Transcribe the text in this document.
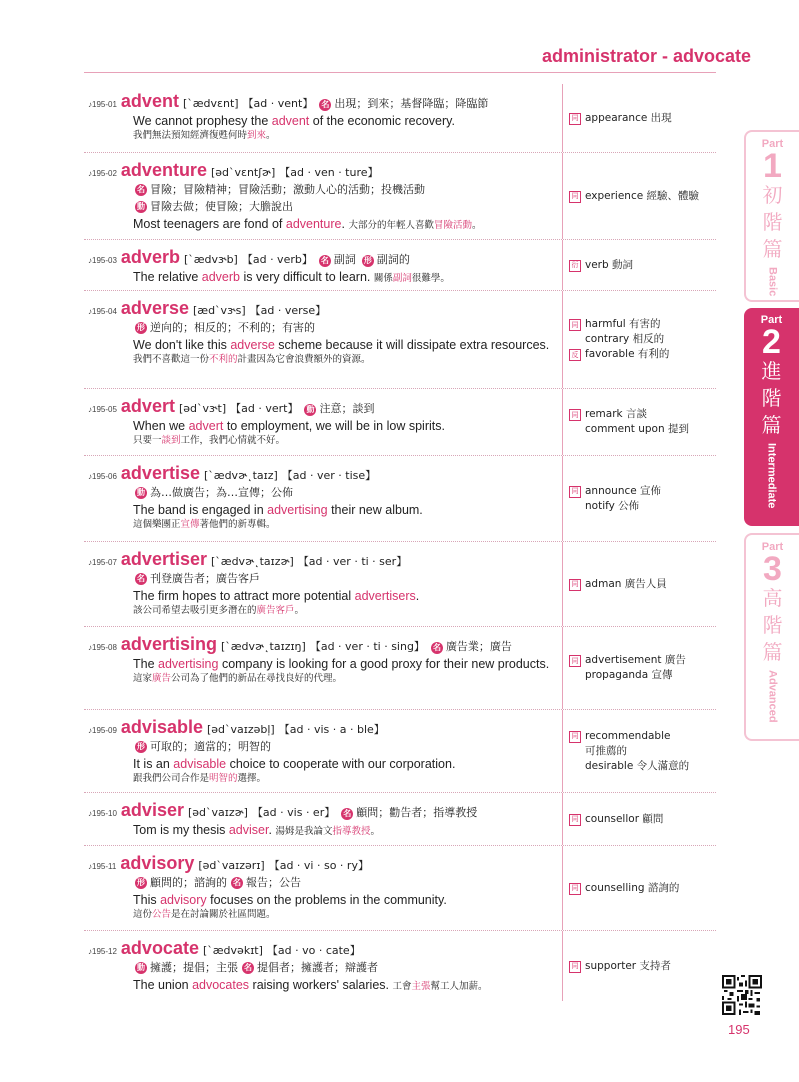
administrator - advocate
♪195-01 advent [ˋædvɛnt] 【ad · vent】 名 出現；到來；基督降臨；降臨節
We cannot prophesy the advent of the economic recovery.
我們無法預知經濟復甦何時到來。
同 appearance 出現
♪195-02 adventure [ədˋvɛntʃɚ] 【ad · ven · ture】
名 冒險；冒險精神；冒險活動；激動人心的活動；投機活動
動 冒險去做；使冒險；大膽說出
Most teenagers are fond of adventure. 大部分的年輕人喜歡冒險活動。
同 experience 經驗、體驗
♪195-03 adverb [ˋædvɝb] 【ad · verb】 名 副詞 形 副詞的
The relative adverb is very difficult to learn. 關係副詞很難學。
衍 verb 動詞
♪195-04 adverse [ædˋvɝs] 【ad · verse】
形 逆向的；相反的；不利的；有害的
We don't like this adverse scheme because it will dissipate extra resources.
我們不喜歡這一份不利的計畫因為它會浪費額外的資源。
同 harmful 有害的
contrary 相反的
反 favorable 有利的
♪195-05 advert [ədˋvɝt] 【ad · vert】 動 注意；談到
When we advert to employment, we will be in low spirits.
只要一談到工作，我們心情就不好。
同 remark 言談
comment upon 提到
♪195-06 advertise [ˋædvɚ˛taɪz] 【ad · ver · tise】
動 為…做廣告；為…宣傳；公佈
The band is engaged in advertising their new album.
這個樂團正宣傳著他們的新專輯。
同 announce 宣佈
notify 公佈
♪195-07 advertiser [ˋædvɚ˛taɪzɚ] 【ad · ver · ti · ser】
名 刊登廣告者；廣告客戶
The firm hopes to attract more potential advertisers.
該公司希望去吸引更多潛在的廣告客戶。
同 adman 廣告人員
♪195-08 advertising [ˋædvɚ˛taɪzɪŋ] 【ad · ver · ti · sing】 名 廣告業；廣告
The advertising company is looking for a good proxy for their new products.
這家廣告公司為了他們的新品在尋找良好的代理。
同 advertisement 廣告
propaganda 宣傳
♪195-09 advisable [ədˋvaɪzəbl̩] 【ad · vis · a · ble】
形 可取的；適當的；明智的
It is an advisable choice to cooperate with our corporation.
跟我們公司合作是明智的選擇。
同 recommendable
可推薦的
desirable 令人滿意的
♪195-10 adviser [ədˋvaɪzɚ] 【ad · vis · er】 名 顧問；勸告者；指導教授
Tom is my thesis adviser. 湯姆是我論文指導教授。
同 counsellor 顧問
♪195-11 advisory [ədˋvaɪzərɪ] 【ad · vi · so · ry】
形 顧問的；諮詢的 名 報告；公告
This advisory focuses on the problems in the community.
這份公告是在討論關於社區問題。
同 counselling 諮詢的
♪195-12 advocate [ˋædvəkɪt] 【ad · vo · cate】
動 擁護；提倡；主張 名 提倡者；擁護者；辯護者
The union advocates raising workers' salaries. 工會主張幫工人加薪。
同 supporter 支持者
Part
1
初
階
篇
Basic
Part
2
進
階
篇
Intermediate
Part
3
高
階
篇
Advanced
195
